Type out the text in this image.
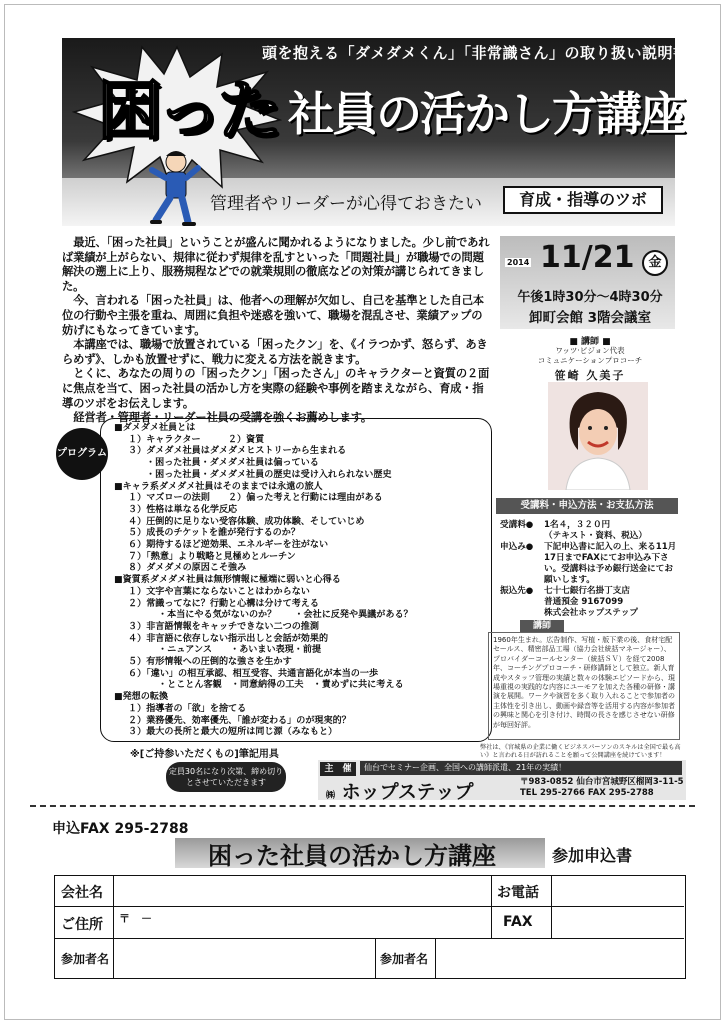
困った
頭を抱える「ダメダメくん」「非常識さん」の取り扱い説明書
社員の活かし方講座
管理者やリーダーが心得ておきたい	育成・指導のツボ

最近、「困った社員」ということが盛んに聞かれるようになりました。少し前であれば業績が上がらない、規律に従わず規律を乱すといった「問題社員」が職場での問題解決の遡上に上り、服務規程などでの就業規則の徹底などの対策が講じられてきました。

今、言われる「困った社員」は、他者への理解が欠如し、自己を基準とした自己本位の行動や主張を重ね、周囲に負担や迷惑を強いて、職場を混乱させ、業績アップの妨げにもなってきています。

本講座では、職場で放置されている「困ったクン」を、《イラつかず、怒らず、あきらめず》、しかも放置せずに、戦力に変える方法を説きます。

とくに、あなたの周りの「困ったクン」「困ったさん」のキャラクターと資質の２面に焦点を当て、困った社員の活かし方を実際の経験や事例を踏まえながら、育成・指導のツボをお伝えします。

経営者・管理者・リーダー社員の受講を強くお薦めします。

プログラム
■ダメダメ社員とは
１）キャラクター　　　２）資質
３）ダメダメ社員はダメダメヒストリーから生まれる
・困った社員・ダメダメ社員は偏っている
・困った社員・ダメダメ社員の歴史は受け入れられない歴史
■キャラ系ダメダメ社員はそのままでは永遠の旅人
１）マズローの法則　　２）偏った考えと行動には理由がある
３）性格は単なる化学反応
４）圧倒的に足りない受容体験、成功体験、そしていじめ
５）成長のチケットを誰が発行するのか？
６）期待するほど逆効果、エネルギーを注がない
７）「熱意」より戦略と見極めとルーチン
８）ダメダメの原因こそ強み
■資質系ダメダメ社員は無形情報に極端に弱いと心得る
１）文字や言葉にならないことはわからない
２）常識ってなに？行動と心構は分けて考える
・本当にやる気がないのか？　　・会社に反発や異議がある？
３）非言語情報をキャッチできない二つの推測
４）非言語に依存しない指示出しと会話が効果的
・ニュアンス　　・あいまい表現・前提
５）有形情報への圧倒的な強さを生かす
６）「違い」の相互承認、相互受容、共通言語化が本当の一歩
・とことん客観　・同意納得の工夫　・責めずに共に考える
■発想の転換
１）指導者の「欲」を捨てる
２）業務優先、効率優先、「誰が変わる」のが現実的？
３）最大の長所と最大の短所は同じ源（みなもと）
※[ご持参いただくもの]筆記用具
定員30名になり次第、締め切りとさせていただきます
2014 11/21	金
午後1時30分～4時30分
卸町会館 3階会議室
■ 講師 ■
ワッツ·ビジョン代表
コミュニケーションプロコーチ
笹崎 久美子
受講料・申込方法・お支払方法
受講料●	1名４，３２０円
（テキスト・資料、税込）
申込み●	下記申込書に記入の上、来る11月17日までFAXにてお申込み下さい。受講料は予め銀行送金にてお願いします。
振込先●	七十七銀行名掛丁支店
普通預金 9167099
株式会社ホップステップ
講師
1960年生まれ。広告制作、写植・版下業の後、食材宅配セールス、精密部品工場（協力会社統括マネージャー）、プロバイダーコールセンター（統括ＳＶ）を経て2008年、コーチングプロコーチ・研修講師として独立。新人育成やスタッフ管理の実績と数々の体験エピソードから、現場重視の実践的な内容にユーモアを加えた各種の研修・講演を展開。ワークや演習を多く取り入れることで参加者の主体性を引き出し、動画や録音等を活用する内容が参加者の興味と関心を引き付け、時間の長さを感じさせない研修が毎回好評。
弊社は、《宮城県の企業に働くビジネスパーソンのスキルは全国で最も高い》と言われる日が訪れることを願って公開講座を続けています！
主　催	仙台でセミナー企画、全国への講師派遣、21年の実績！
㈱ ホップステップ	〒983-0852 仙台市宮城野区榴岡3-11-5
TEL 295-2766 FAX 295-2788
申込FAX 295-2788
困った社員の活かし方講座	参加申込書
会社名	お電話
ご住所 〒　－	FAX
参加者名	参加者名
